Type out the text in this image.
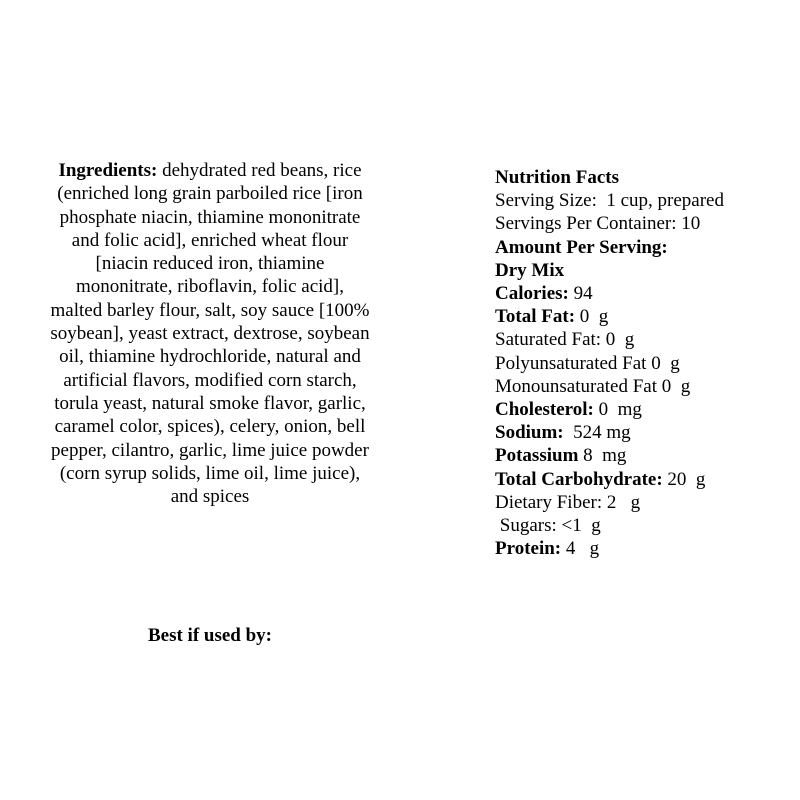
Ingredients: dehydrated red beans, rice (enriched long grain parboiled rice [iron phosphate niacin, thiamine mononitrate and folic acid], enriched wheat flour [niacin reduced iron, thiamine mononitrate, riboflavin, folic acid], malted barley flour, salt, soy sauce [100% soybean], yeast extract, dextrose, soybean oil, thiamine hydrochloride, natural and artificial flavors, modified corn starch, torula yeast, natural smoke flavor, garlic, caramel color, spices), celery, onion, bell pepper, cilantro, garlic, lime juice powder (corn syrup solids, lime oil, lime juice), and spices
Best if used by:
Nutrition Facts
Serving Size:  1 cup, prepared
Servings Per Container: 10
Amount Per Serving:
Dry Mix
Calories: 94
Total Fat: 0  g
Saturated Fat: 0  g
Polyunsaturated Fat 0  g
Monounsaturated Fat 0  g
Cholesterol: 0  mg
Sodium:  524 mg
Potassium 8  mg
Total Carbohydrate: 20  g
Dietary Fiber: 2   g
Sugars: <1  g
Protein: 4   g
